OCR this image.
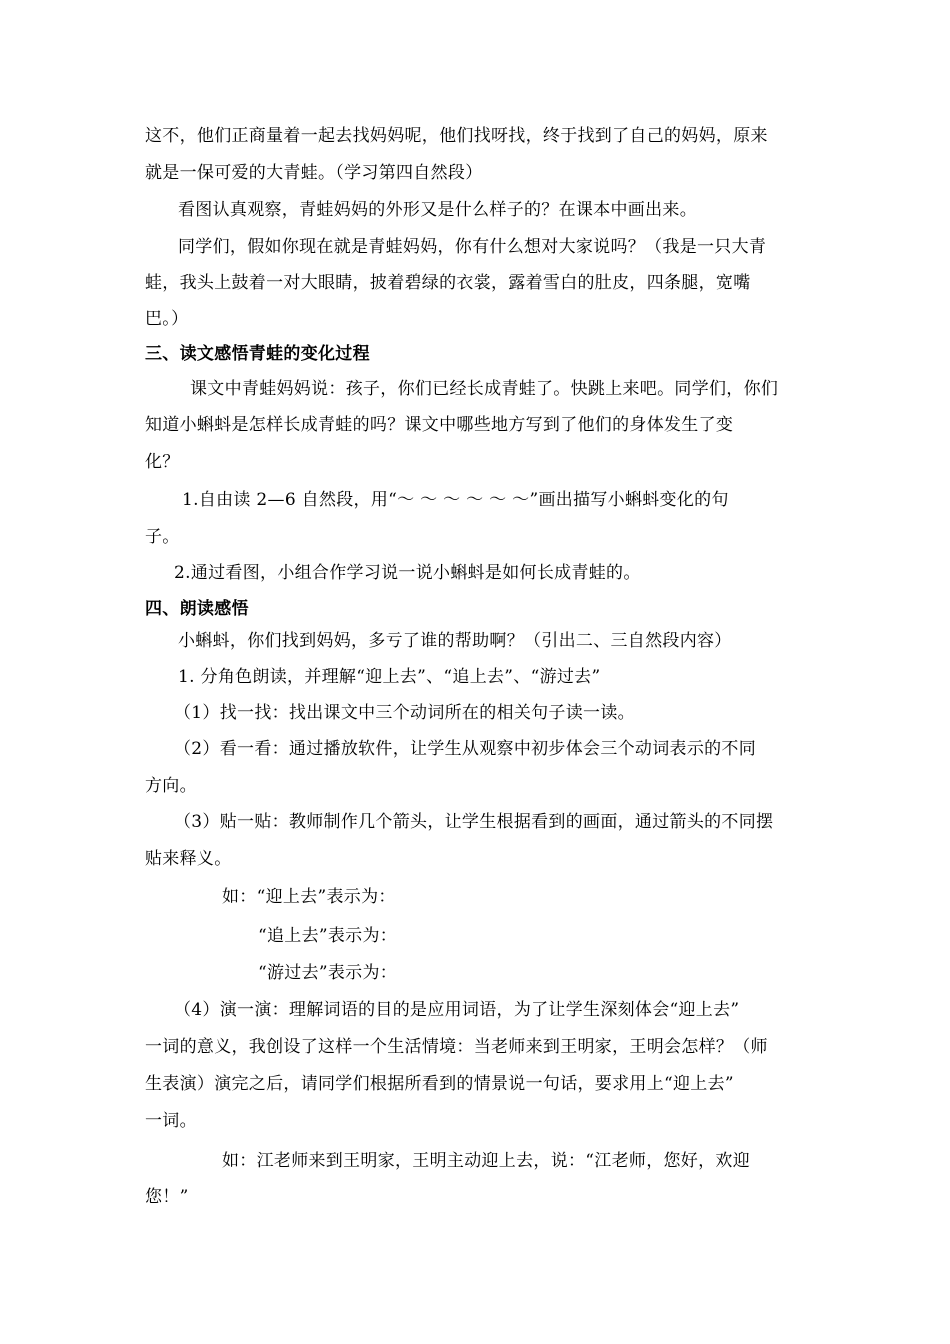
这不，他们正商量着一起去找妈妈呢，他们找呀找，终于找到了自己的妈妈，原来
就是一保可爱的大青蛙。（学习第四自然段）
看图认真观察，青蛙妈妈的外形又是什么样子的？在课本中画出来。
同学们，假如你现在就是青蛙妈妈，你有什么想对大家说吗？（我是一只大青
蛙，我头上鼓着一对大眼睛，披着碧绿的衣裳，露着雪白的肚皮，四条腿，宽嘴
巴。）
三、读文感悟青蛙的变化过程
课文中青蛙妈妈说：孩子，你们已经长成青蛙了。快跳上来吧。同学们，你们
知道小蝌蚪是怎样长成青蛙的吗？课文中哪些地方写到了他们的身体发生了变
化？
1.自由读 2—6 自然段，用“～ ～ ～ ～ ～ ～”画出描写小蝌蚪变化的句
子。
2.通过看图，小组合作学习说一说小蝌蚪是如何长成青蛙的。
四、朗读感悟
小蝌蚪，你们找到妈妈，多亏了谁的帮助啊？（引出二、三自然段内容）
1. 分角色朗读，并理解“迎上去”、“追上去”、“游过去”
（1）找一找：找出课文中三个动词所在的相关句子读一读。
（2）看一看：通过播放软件，让学生从观察中初步体会三个动词表示的不同
方向。
（3）贴一贴：教师制作几个箭头，让学生根据看到的画面，通过箭头的不同摆
贴来释义。
如：“迎上去”表示为：
“追上去”表示为：
“游过去”表示为：
（4）演一演：理解词语的目的是应用词语，为了让学生深刻体会“迎上去”
一词的意义，我创设了这样一个生活情境：当老师来到王明家，王明会怎样？（师
生表演）演完之后，请同学们根据所看到的情景说一句话，要求用上“迎上去”
一词。
如：江老师来到王明家，王明主动迎上去，说：“江老师，您好，欢迎
您！”
